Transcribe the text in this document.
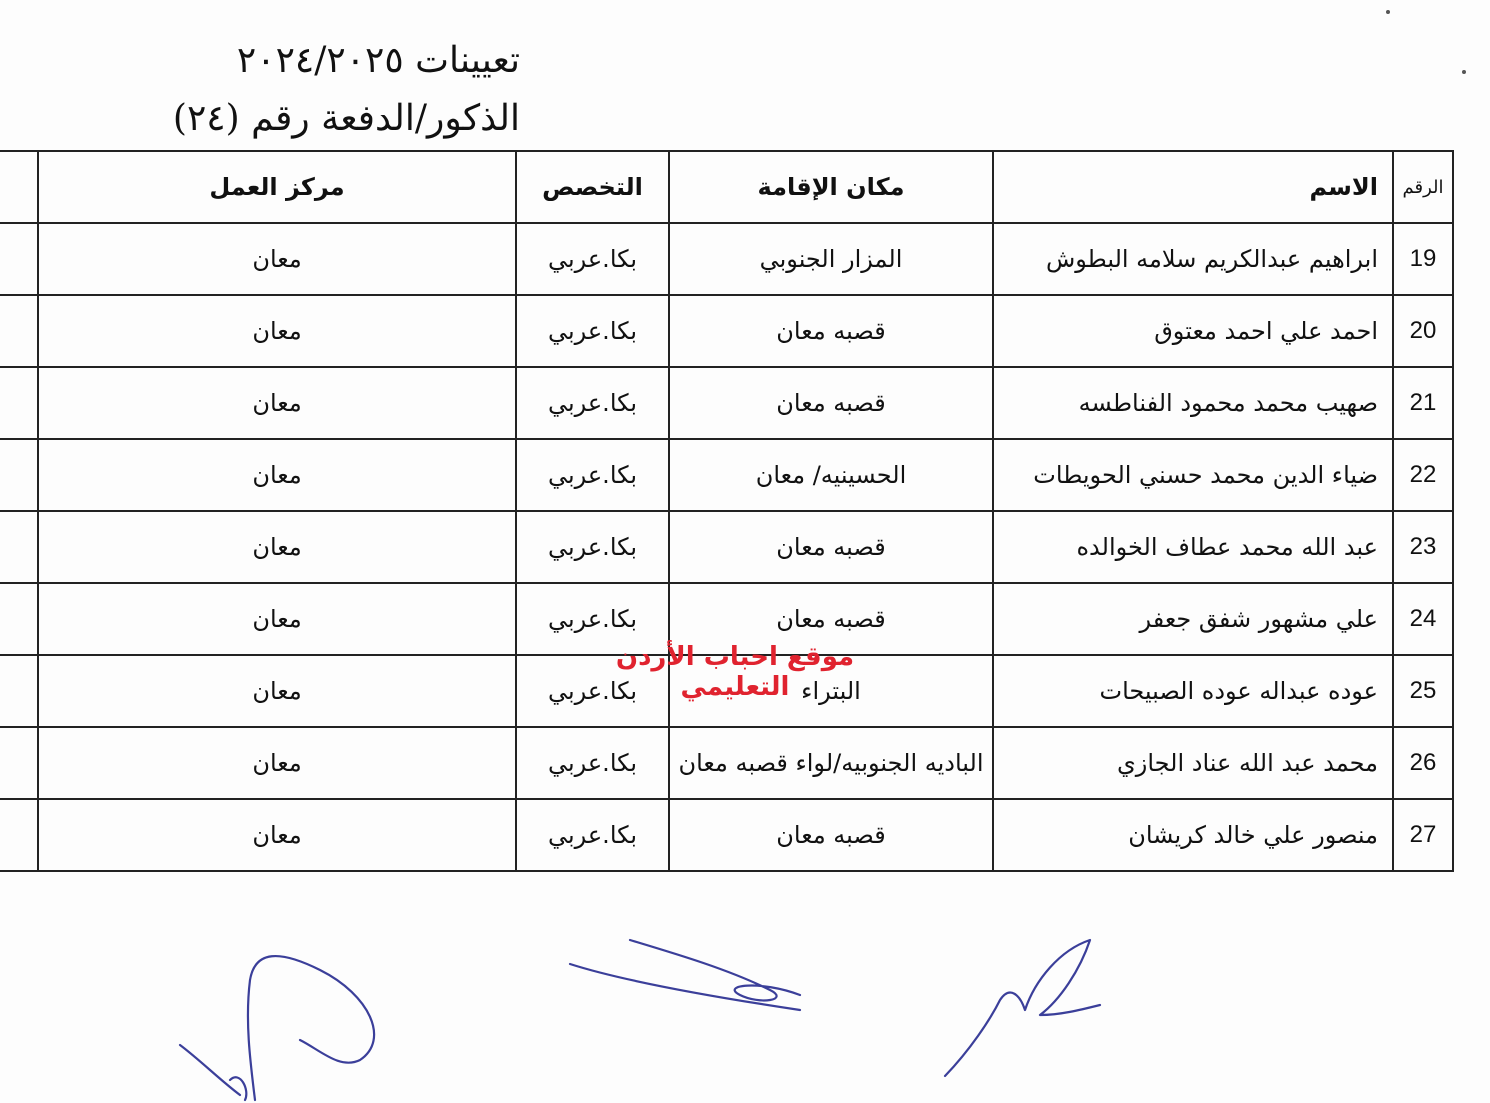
تعيينات ٢٠٢٤/٢٠٢٥
الذكور/الدفعة رقم (٢٤)
الرقم	الاسم	مكان الإقامة	التخصص	مركز العمل	
19	ابراهيم عبدالكريم سلامه البطوش	المزار الجنوبي	بكا.عربي	معان	
20	احمد علي احمد معتوق	قصبه معان	بكا.عربي	معان	
21	صهيب محمد محمود الفناطسه	قصبه معان	بكا.عربي	معان	
22	ضياء الدين محمد حسني الحويطات	الحسينيه/ معان	بكا.عربي	معان	
23	عبد الله محمد عطاف الخوالده	قصبه معان	بكا.عربي	معان	
24	علي مشهور شفق جعفر	قصبه معان	بكا.عربي	معان	
25	عوده عبداله عوده الصبيحات	البتراء	بكا.عربي	معان	
26	محمد عبد الله عناد الجازي	الباديه الجنوبيه/لواء قصبه معان	بكا.عربي	معان	
27	منصور علي خالد كريشان	قصبه معان	بكا.عربي	معان	
موقع احباب الأردن التعليمي
